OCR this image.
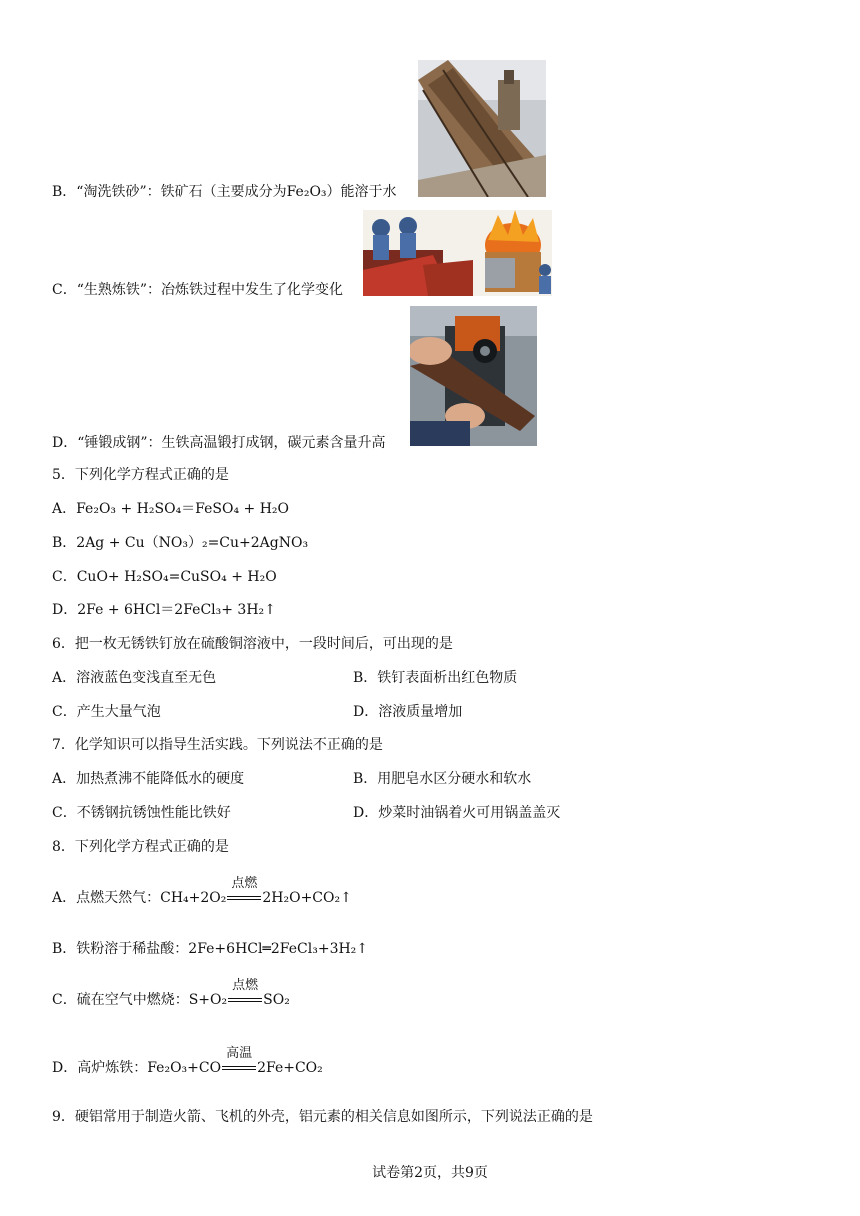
B．“淘洗铁砂”：铁矿石（主要成分为Fe₂O₃）能溶于水
C．“生熟炼铁”：冶炼铁过程中发生了化学变化
D．“锤锻成钢”：生铁高温锻打成钢，碳元素含量升高
5．下列化学方程式正确的是
A．Fe₂O₃ + H₂SO₄＝FeSO₄ + H₂O
B．2Ag + Cu（NO₃）₂=Cu+2AgNO₃
C．CuO+ H₂SO₄=CuSO₄ + H₂O
D．2Fe + 6HCl＝2FeCl₃+ 3H₂↑
6．把一枚无锈铁钉放在硫酸铜溶液中，一段时间后，可出现的是
A．溶液蓝色变浅直至无色	B．铁钉表面析出红色物质
C．产生大量气泡	D．溶液质量增加
7．化学知识可以指导生活实践。下列说法不正确的是
A．加热煮沸不能降低水的硬度	B．用肥皂水区分硬水和软水
C．不锈钢抗锈蚀性能比铁好	D．炒菜时油锅着火可用锅盖盖灭
8．下列化学方程式正确的是
A．点燃天然气：CH₄+2O₂
点燃
2H₂O+CO₂↑
B．铁粉溶于稀盐酸：2Fe+6HCl═2FeCl₃+3H₂↑
C．硫在空气中燃烧：S+O₂
点燃
SO₂
D．高炉炼铁：Fe₂O₃+CO
高温
2Fe+CO₂
9．硬铝常用于制造火箭、飞机的外壳，铝元素的相关信息如图所示，下列说法正确的是
试卷第2页，共9页
